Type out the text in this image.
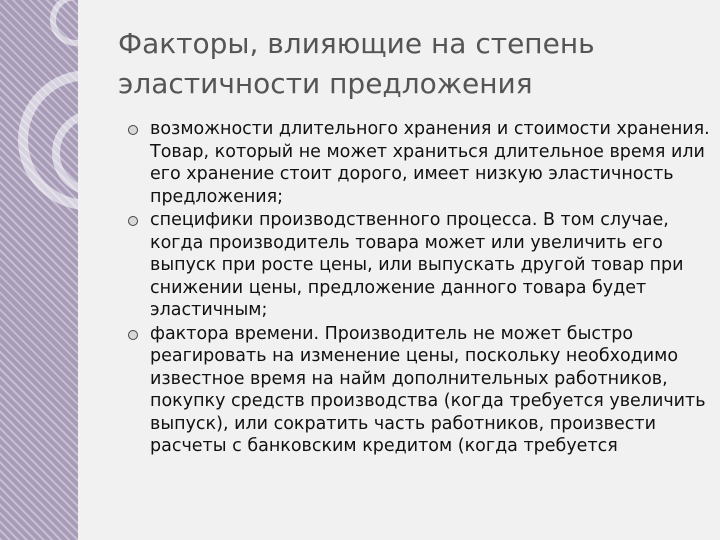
Факторы, влияющие на степень эластичности предложения
возможности длительного хранения и стоимости хранения. Товар, который не может храниться длительное время или его хранение стоит дорого, имеет низкую эластичность предложения;
специфики производственного процесса. В том случае, когда производитель товара может или увеличить его выпуск при росте цены, или выпускать другой товар при снижении цены, предложение данного товара будет эластичным;
фактора времени. Производитель не может быстро реагировать на изменение цены, поскольку необходимо известное время на найм дополнительных работников, покупку средств производства (когда требуется увеличить выпуск), или сократить часть работников, произвести расчеты с банковским кредитом (когда требуется
